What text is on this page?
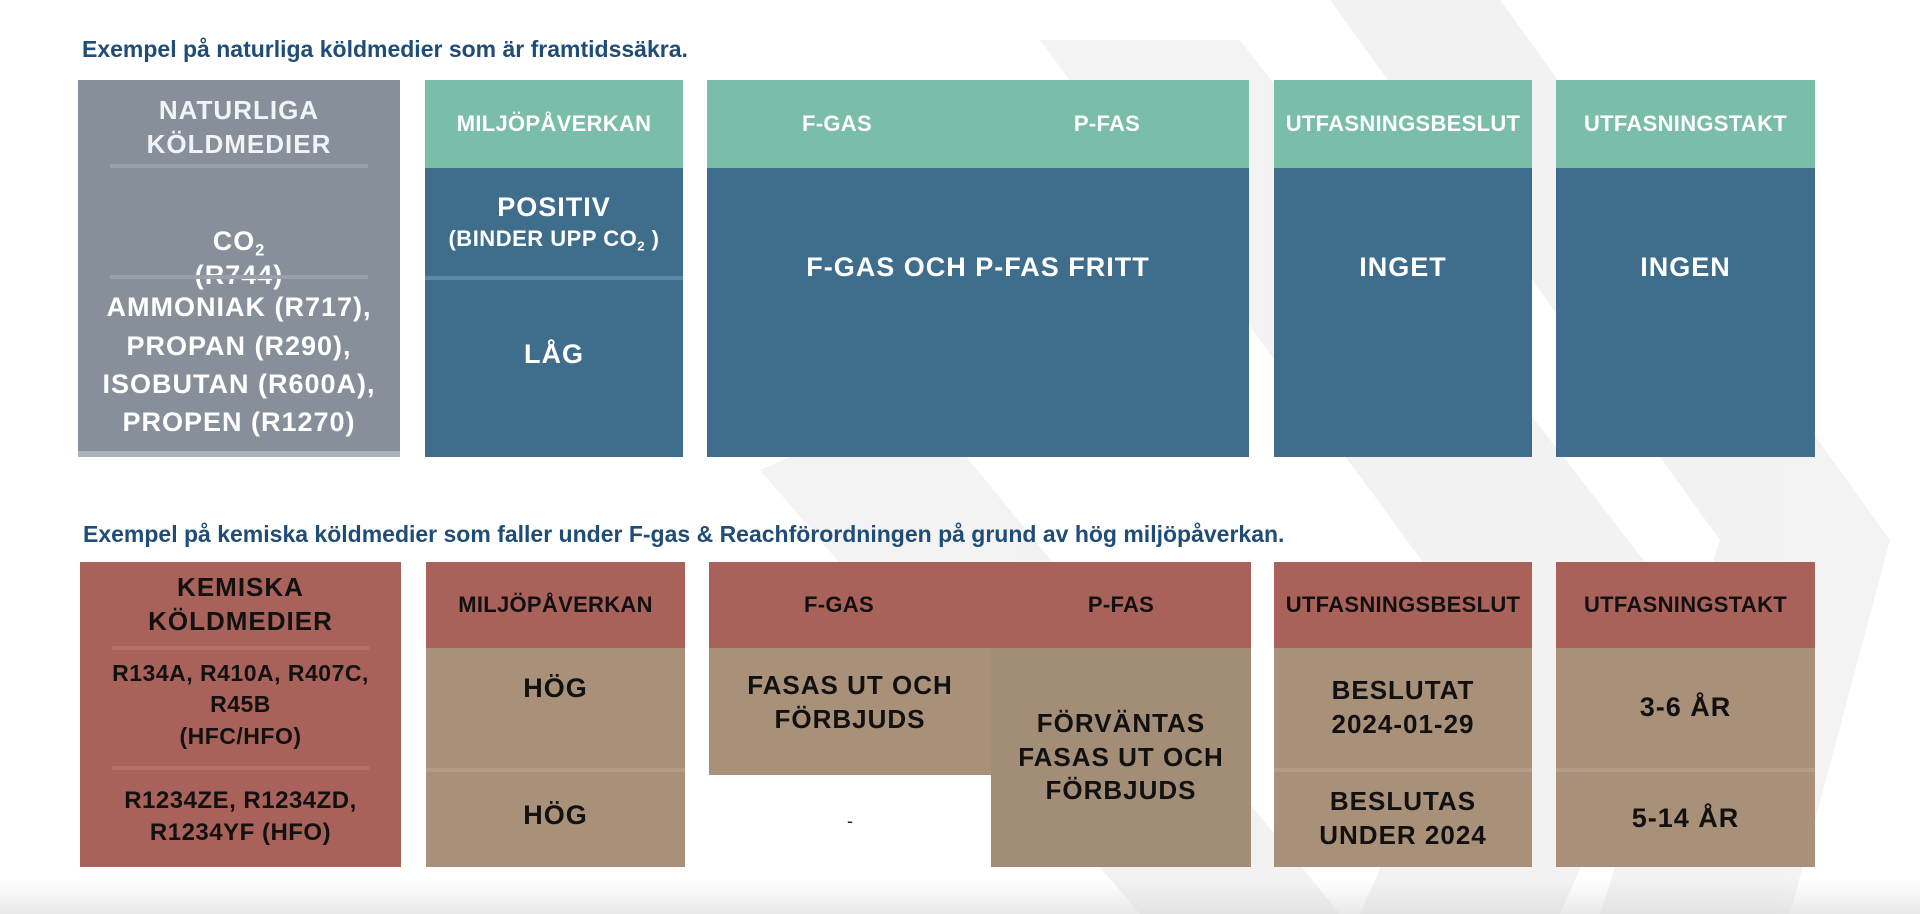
Exempel på naturliga köldmedier som är framtidssäkra.
NATURLIGA
KÖLDMEDIER
$CO_2$
AMMONIAK (R717),
PROPAN (R290),
ISOBUTAN (R600A),
PROPEN (R1270)
MILJÖPÅVERKAN
POSITIV
(BINDER UPP $CO_2$ )
LÅG
F-GAS	P-FAS
F-GAS OCH P-FAS FRITT
UTFASNINGSBESLUT
INGET
UTFASNINGSTAKT
INGEN
Exempel på kemiska köldmedier som faller under F-gas & Reachförordningen på grund av hög miljöpåverkan.
KEMISKA
KÖLDMEDIER
R134A, R410A, R407C,
R45B
(HFC/HFO)
R1234ZE, R1234ZD,
R1234YF (HFO)
MILJÖPÅVERKAN
HÖG
HÖG
F-GAS	P-FAS
FASAS UT OCH
FÖRBJUDS
-
FÖRVÄNTAS
FASAS UT OCH
FÖRBJUDS
UTFASNINGSBESLUT
BESLUTAT
2024-01-29
BESLUTAS
UNDER 2024
UTFASNINGSTAKT
3-6 ÅR
5-14 ÅR
